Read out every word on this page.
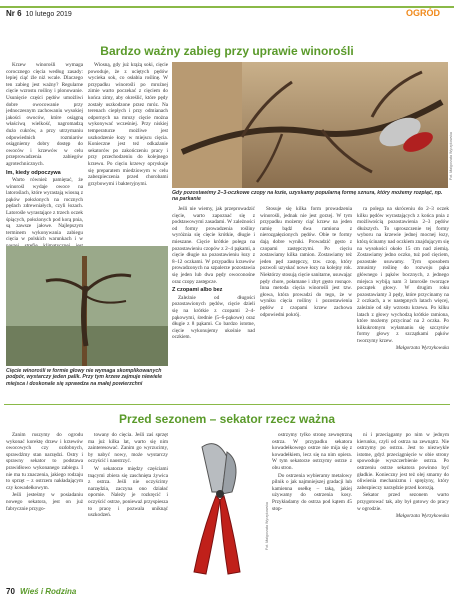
Nr 6 10 lutego 2019	OGRÓD
Bardzo ważny zabieg przy uprawie winorośli

Krzew winorośli wymaga corocznego cięcia według zasady: lepiej ciąć źle niż wcale. Dlaczego ten zabieg jest ważny? Regularne cięcie wzrostu rośliny i plonowanie. Usunięcie części pędów umożliwi dobre owocowanie przy jednoczesnym zachowaniu wysokiej jakości owoców, które osiągną właściwą wielkość, nagromadzą dużo cukrów, a przy utrzymaniu odpowiednich rozmiarów osiągniemy dobry dostęp do owoców i krzewów w celu przeprowadzenia zabiegów agrotechnicznych.

Im, kiedy odpoczywa

Warto również pamiętać, że winorośl wydaje owoce na latoroślach, które wyrastają wiosną z pąków położonych na rocznych pędach zdrewniałych, czyli łozach. Latorośle wyrastające z trzech oczek śpiących, położonych pod korą pnia, są zawsze jałowe. Najlepszym terminem wykonywania zabiegu cięcia w polskich warunkach i w

Wiosną, gdy już krążą soki, cięcie powoduje, że z uciętych pędów wycieka sok, co osłabia roślinę. W przypadku winorośli po mroźnej zimie warto poczekać z cięciem do końca zimy, aby określić, które pędy zostały uszkodzone przez mróz. Na terenach ciepłych i przy odmianach odpornych na mrozy cięcie można wykonywać wcześniej. Przy niskiej temperaturze możliwe jest uszkodzenie łozy w miejscu cięcia. Konieczne jest też odkażanie sekatorów po zakończeniu pracy i przy przechodzeniu do kolejnego krzewu. Po cięciu krzewy opryskuje się preparatem miedziowym w celu zabezpieczenia przed chorobami grzybowymi i bakteryjnymi.

Fot. Małgorzata Wyrzykowska
Gdy pozostawimy 2–3-oczkowe czopy na łozie, uzyskamy popularną formę sznura, który możemy rozpiąć, np. na parkanie
Cięcie winorośli w formie głowy nie wymaga skomplikowanych podpór, wystarczy jeden palik. Przy tym krzew zajmuje niewiele miejsca i doskonale się sprawdza na małej powierzchni

Jeśli nie wiemy, jak przeprowadzić cięcie, warto zapoznać się z podstawowymi zasadami. W zależności od formy prowadzenia rośliny wyróżnia się cięcie krótkie, długie i mieszane. Cięcie krótkie polega na pozostawieniu czopów z 2–4 pąkami, a cięcie długie na pozostawieniu łozy z 8–12 oczkami. W przypadku krzewów prowadzonych na szpalerze pozostawia się jeden lub dwa pędy owoconośne oraz czopy zastępcze.

Z czopami albo bez

Zależnie od długości pozostawionych pędów, cięcie dzieli się na krótkie z czopami 2–4-pąkowymi, średnie (5–6-pąkowe) oraz długie z 8 pąkami. Co bardzo istotne, cięcie wykonujemy ukośnie nad oczkiem.

Stosuje się kilka form prowadzenia winorośli, jednak nie jest gorzej. W tym przypadku możemy ciąć krzew na jeden ramię bądź dwa ramiona z nierozgałęzionych pędów. Obie te formy dają dobre wyniki. Prowadzić gęsto z czopami zastępczymi. Po cięciu zostawiamy kilka ramion. Zostawiamy też jeden pęd zastępczy, tzw. czop, który pozwoli uzyskać nowe łozy na kolejny rok. Niektórzy stosują cięcie sanitarne, usuwając pędy chore, połamane i zbyt gęsto rosnące. Inna metoda cięcia winorośli jest tzw. głowa, która prowadzi do tego, że w wyniku cięcia rośliny i pozostawienia pędów z czopami krzew zachowa odpowiedni pokrój.

ra polega na skróceniu do 2–3 oczek kilku pędów wyrastających z końca pnia z możliwością pozostawienia 2–3 pędów dłuższych. To uproszczenie tej formy wyboru na krzewie jednej mocnej łozy, którą ścinamy nad oczkiem znajdującym się na wysokości około 15 cm nad ziemią. Zostawiamy jedno oczko, tuż pod cięciem, pozostałe usuwamy. Tym sposobem zmusimy roślinę do rozwoju pąka głównego i pąków bocznych, z jednego miejsca wybiją nam 3 latorośle tworzące początek głowy. W drugim roku pozostawiamy 3 pędy, które przycinamy na 2 oczkach, a w następnych latach więcej, zależnie od siły wzrostu krzewu. Po kilku latach z głowy wychodzą krótkie ramiona, które możemy przycinać na 2 oczka. Po kilkukrotnym wyłamaniu się szczytów formy głowy z szczątkami pąków tworzymy krzew.

Małgorzata Wyrzykowska

Przed sezonem – sekator rzecz ważna

Zanim ruszymy do ogrodu wykonać korektę drzew i krzewów owocowych czy ozdobnych, sprawdźmy stan narzędzi. Ostry i sprawny sekator to podstawa prawidłowo wykonanego zabiegu. I nie ma tu znaczenia, jakiego rodzaju to sprzęt – z ostrzem nakładającym czy kowadełkowym.

Jeśli jesteśmy w posiadaniu nowego sekatora, jest on już fabrycznie przygo-

towany do cięcia. Jeśli zaś sprzęt ma już kilka lat, warto się nim zainteresować. Zanim go wyrzucimy, by nabyć nowy, może wystarczy oczyścić i naostrzyć.

W sekatorze między częściami tnącymi zbiera się zaschnięta żywica z ostrza. Jeśli nie oczyścimy narzędzia, zaczyna ono działać opornie. Należy je rozkręcić i oczyścić ostrze, ponieważ przyspiesza to pracę i pozwala uniknąć uszkodzeń.	Fot. Małgorzata Wyrzykowska

ostrzymy tylko stronę zewnętrzną ostrza. W przypadku sekatora kowadełkowego ostrze nie mija się z kowadełkiem, lecz się na nim opiera. W tym sekatorze ostrzymy ostrze z obu stron.

Do ostrzenia wybieramy metalowy pilnik o jak najmniejszej gradacji lub kamienna osełkę – taką, jakiej używamy do ostrzenia kosy. Przykładamy do ostrza pod kątem 45 stop-

ni i przeciągamy po nim w jednym kierunku, czyli od ostrza na zewnątrz. Nie ostrzymy po ostrzu. Jest to niezwykle istotne, gdyż przeciągnięcie w obie strony spowoduje wyszczerbienie ostrza. Po ostrzeniu ostrze sekatora powinno być gładkie. Konieczny jest też olej smarny do oliwienia mechanizmu i sprężyny, który zabezpieczy narzędzie przed korozją.

Sekator przed sezonem warto przygotować tak, aby był gotowy do pracy w ogrodzie.

Małgorzata Wyrzykowska

70 Wieś i Rodzina
